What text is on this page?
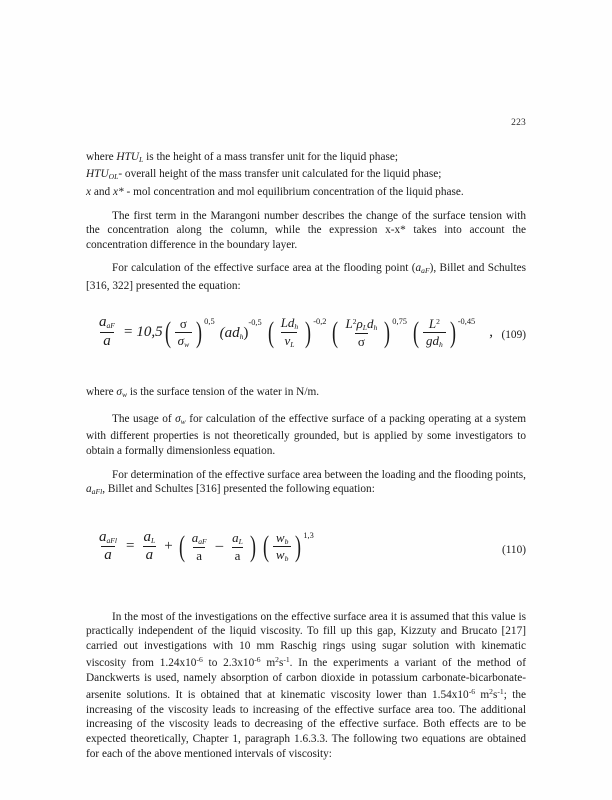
223

where $HTU_L$ is the height of a mass transfer unit for the liquid phase;

$HTU_{OL}-$ overall height of the mass transfer unit calculated for the liquid phase;

x and x* - mol concentration and mol equilibrium concentration of the liquid phase.

The first term in the Marangoni number describes the change of the surface tension with the concentration along the column, while the expression x-x* takes into account the concentration difference in the boundary layer.

For calculation of the effective surface area at the flooding point $(a_{aF})$, Billet and Schultes [316, 322] presented the equation:

$\frac{a_{aF}}{a} = 10,5$ ( $\frac{\sigma}{\sigma_w}$ ) 0,5
$(ad_h)^{-0,5}$ ( $\frac{Ld_h}{\nu_L}$ ) -0,2 ( $\frac{L^2\rho_Ld_h}{\sigma}$ ) 0,75 ( $\frac{L^2}{gd_h}$ ) -0,45
, (109)

where $\sigma_w$ is the surface tension of the water in N/m.

The usage of $\sigma_w$ for calculation of the effective surface of a packing operating at a system with different properties is not theoretically grounded, but is applied by some investigators to obtain a formally dimensionless equation.

For determination of the effective surface area between the loading and the flooding points, $a_{aFl}$, Billet and Schultes [316] presented the following equation:

$\frac{a_{aFl}}{a} = \frac{a_L}{a}$ + ( $\frac{a_{aF}}{a} - \frac{a_L}{a}$ ) ( $\frac{w_b}{w_b}$ ) 1,3
(110)

In the most of the investigations on the effective surface area it is assumed that this value is practically independent of the liquid viscosity. To fill up this gap, Kizzuty and Brucato [217] carried out investigations with 10 mm Raschig rings using sugar solution with kinematic viscosity from $1.24x10^{-6}$ to $2.3x10^{-6}$ $m^2s^{-1}$. In the experiments a variant of the method of Danckwerts is used, namely absorption of carbon dioxide in potassium carbonate-bicarbonate-arsenite solutions. It is obtained that at kinematic viscosity lower than $1.54x10^{-6}$ $m^2s^{-1}$; the increasing of the viscosity leads to increasing of the effective surface area too. The additional increasing of the viscosity leads to decreasing of the effective surface. Both effects are to be expected theoretically, Chapter 1, paragraph 1.6.3.3. The following two equations are obtained for each of the above mentioned intervals of viscosity:
